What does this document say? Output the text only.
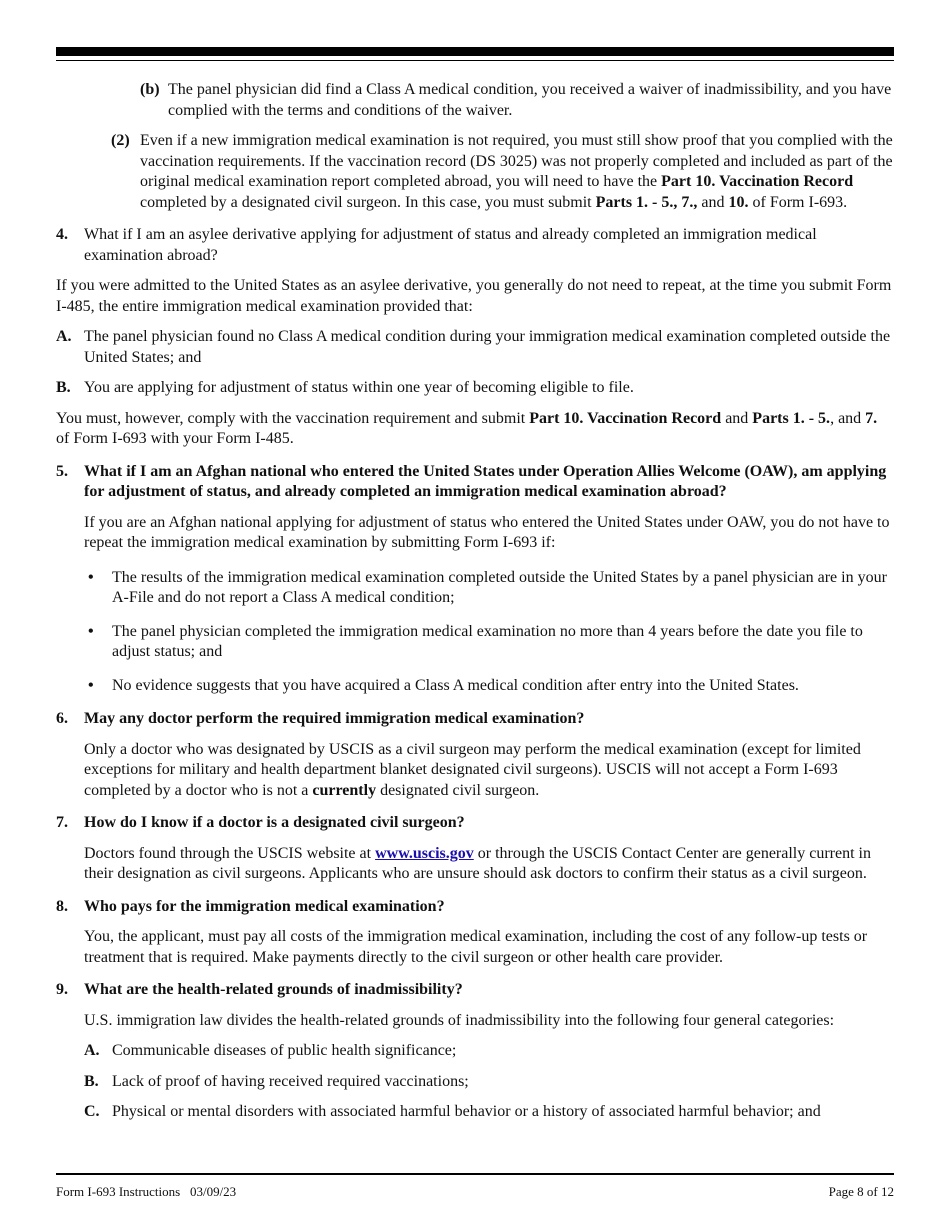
(b) The panel physician did find a Class A medical condition, you received a waiver of inadmissibility, and you have complied with the terms and conditions of the waiver.
(2) Even if a new immigration medical examination is not required, you must still show proof that you complied with the vaccination requirements. If the vaccination record (DS 3025) was not properly completed and included as part of the original medical examination report completed abroad, you will need to have the Part 10. Vaccination Record completed by a designated civil surgeon. In this case, you must submit Parts 1. - 5., 7., and 10. of Form I-693.
4.	What if I am an asylee derivative applying for adjustment of status and already completed an immigration medical examination abroad?
If you were admitted to the United States as an asylee derivative, you generally do not need to repeat, at the time you submit Form I-485, the entire immigration medical examination provided that:
A. The panel physician found no Class A medical condition during your immigration medical examination completed outside the United States; and
B. You are applying for adjustment of status within one year of becoming eligible to file.
You must, however, comply with the vaccination requirement and submit Part 10. Vaccination Record and Parts 1. - 5., and 7. of Form I-693 with your Form I-485.
5.	What if I am an Afghan national who entered the United States under Operation Allies Welcome (OAW), am applying for adjustment of status, and already completed an immigration medical examination abroad?
If you are an Afghan national applying for adjustment of status who entered the United States under OAW, you do not have to repeat the immigration medical examination by submitting Form I-693 if:
•	The results of the immigration medical examination completed outside the United States by a panel physician are in your A-File and do not report a Class A medical condition;
•	The panel physician completed the immigration medical examination no more than 4 years before the date you file to adjust status; and
•	No evidence suggests that you have acquired a Class A medical condition after entry into the United States.
6.	May any doctor perform the required immigration medical examination?
Only a doctor who was designated by USCIS as a civil surgeon may perform the medical examination (except for limited exceptions for military and health department blanket designated civil surgeons). USCIS will not accept a Form I-693 completed by a doctor who is not a currently designated civil surgeon.
7.	How do I know if a doctor is a designated civil surgeon?
Doctors found through the USCIS website at www.uscis.gov or through the USCIS Contact Center are generally current in their designation as civil surgeons. Applicants who are unsure should ask doctors to confirm their status as a civil surgeon.
8.	Who pays for the immigration medical examination?
You, the applicant, must pay all costs of the immigration medical examination, including the cost of any follow-up tests or treatment that is required. Make payments directly to the civil surgeon or other health care provider.
9.	What are the health-related grounds of inadmissibility?
U.S. immigration law divides the health-related grounds of inadmissibility into the following four general categories:
A. Communicable diseases of public health significance;
B. Lack of proof of having received required vaccinations;
C. Physical or mental disorders with associated harmful behavior or a history of associated harmful behavior; and
Form I-693 Instructions   03/09/23	Page 8 of 12
